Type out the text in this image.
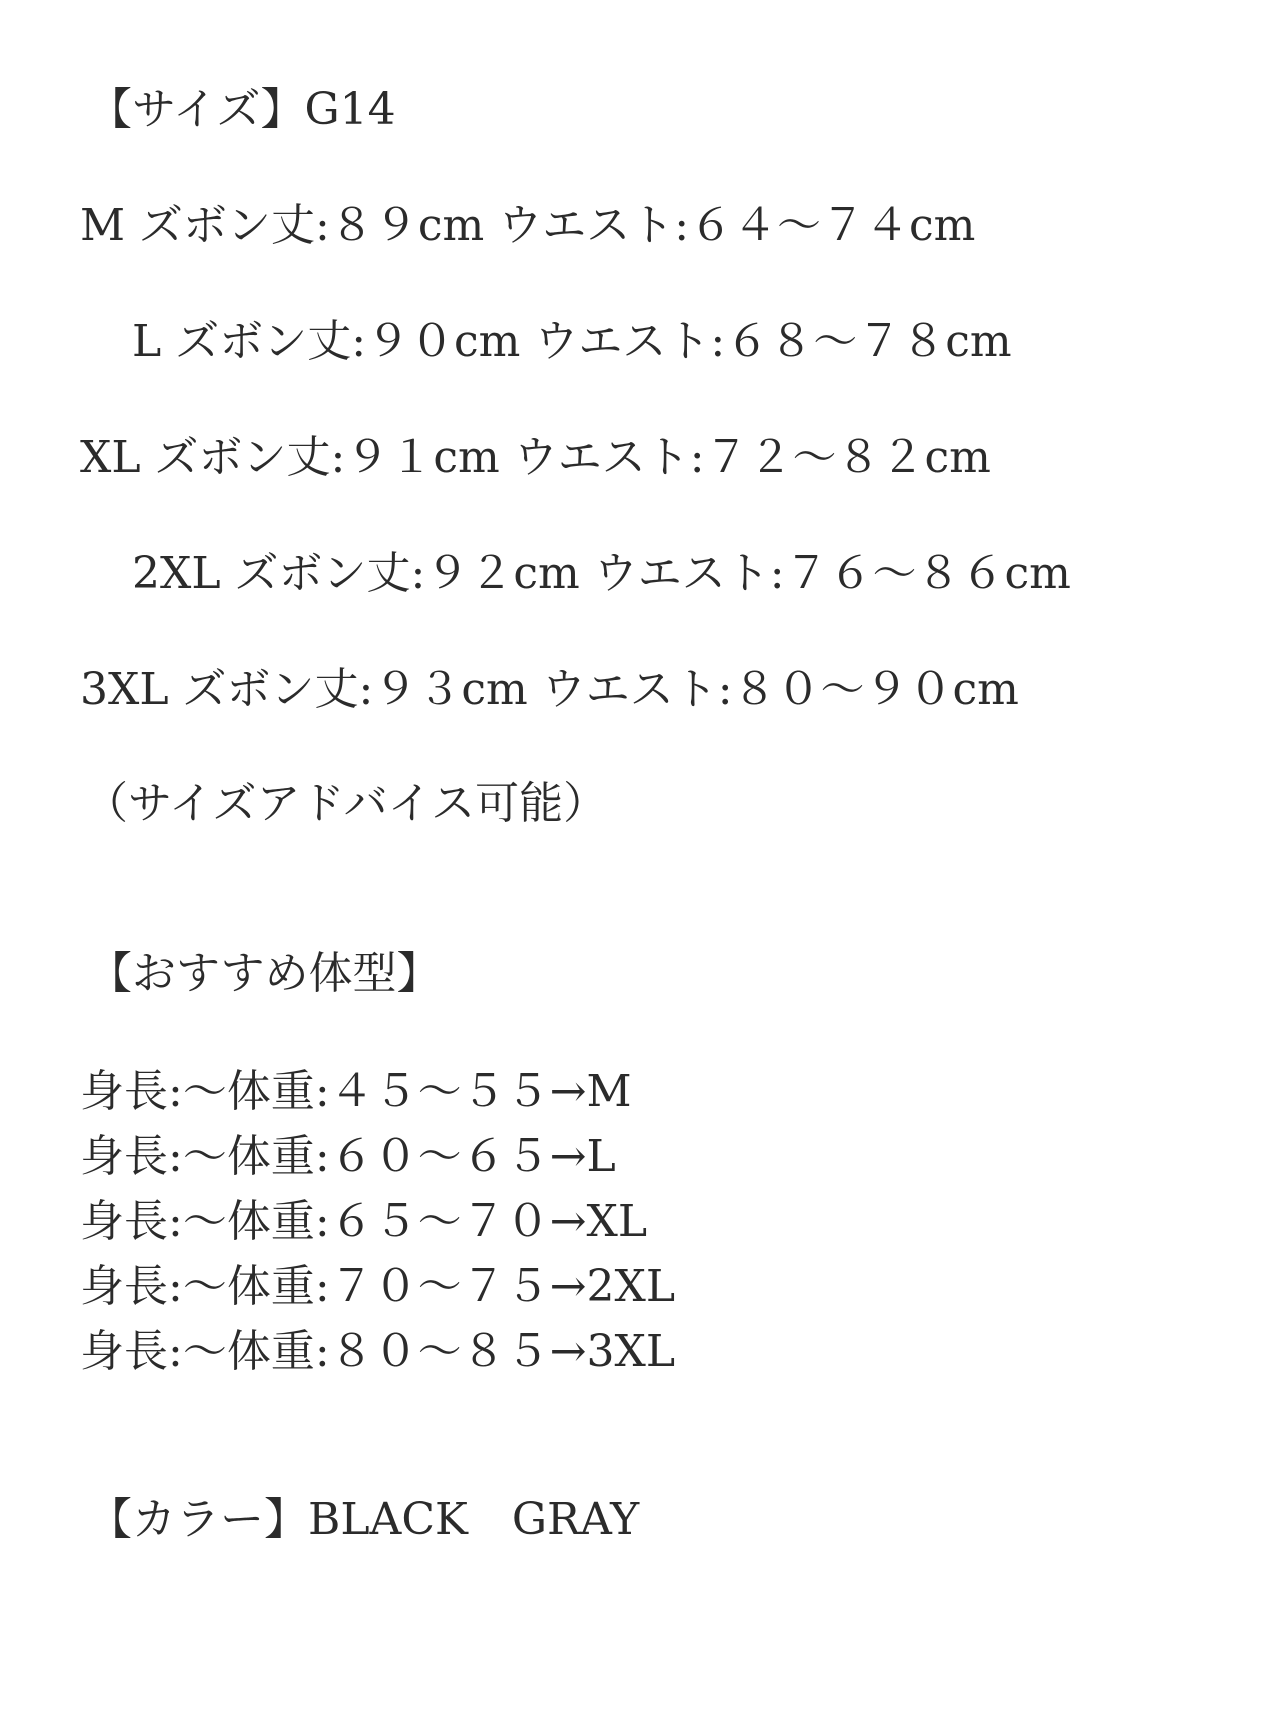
【サイズ】G14
M ズボン丈:８９cm ウエスト:６４〜７４cm
L ズボン丈:９０cm ウエスト:６８〜７８cm
XL ズボン丈:９１cm ウエスト:７２〜８２cm
2XL ズボン丈:９２cm ウエスト:７６〜８６cm
3XL ズボン丈:９３cm ウエスト:８０〜９０cm
（サイズアドバイス可能）
【おすすめ体型】
身長:〜体重:４５〜５５→M
身長:〜体重:６０〜６５→L
身長:〜体重:６５〜７０→XL
身長:〜体重:７０〜７５→2XL
身長:〜体重:８０〜８５→3XL
【カラー】BLACK　GRAY
